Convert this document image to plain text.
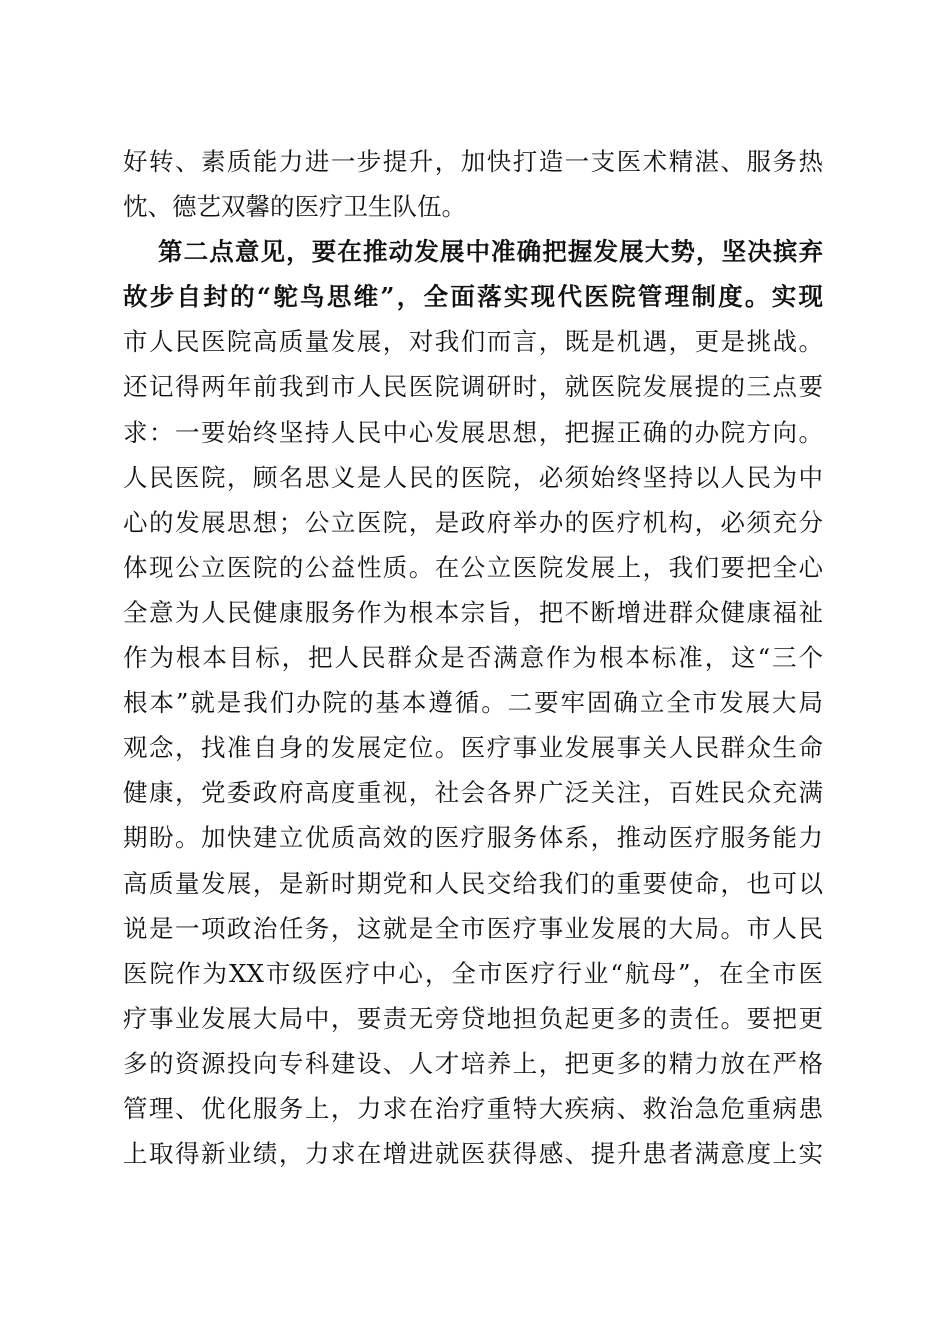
好转、素质能力进一步提升，加快打造一支医术精湛、服务热
忱、德艺双馨的医疗卫生队伍。
第二点意见，要在推动发展中准确把握发展大势，坚决摈弃
故步自封的“鸵鸟思维”，全面落实现代医院管理制度。实现
市人民医院高质量发展，对我们而言，既是机遇，更是挑战。
还记得两年前我到市人民医院调研时，就医院发展提的三点要
求：一要始终坚持人民中心发展思想，把握正确的办院方向。
人民医院，顾名思义是人民的医院，必须始终坚持以人民为中
心的发展思想；公立医院，是政府举办的医疗机构，必须充分
体现公立医院的公益性质。在公立医院发展上，我们要把全心
全意为人民健康服务作为根本宗旨，把不断增进群众健康福祉
作为根本目标，把人民群众是否满意作为根本标准，这“三个
根本”就是我们办院的基本遵循。二要牢固确立全市发展大局
观念，找准自身的发展定位。医疗事业发展事关人民群众生命
健康，党委政府高度重视，社会各界广泛关注，百姓民众充满
期盼。加快建立优质高效的医疗服务体系，推动医疗服务能力
高质量发展，是新时期党和人民交给我们的重要使命，也可以
说是一项政治任务，这就是全市医疗事业发展的大局。市人民
医院作为XX市级医疗中心，全市医疗行业“航母”，在全市医
疗事业发展大局中，要责无旁贷地担负起更多的责任。要把更
多的资源投向专科建设、人才培养上，把更多的精力放在严格
管理、优化服务上，力求在治疗重特大疾病、救治急危重病患
上取得新业绩，力求在增进就医获得感、提升患者满意度上实
